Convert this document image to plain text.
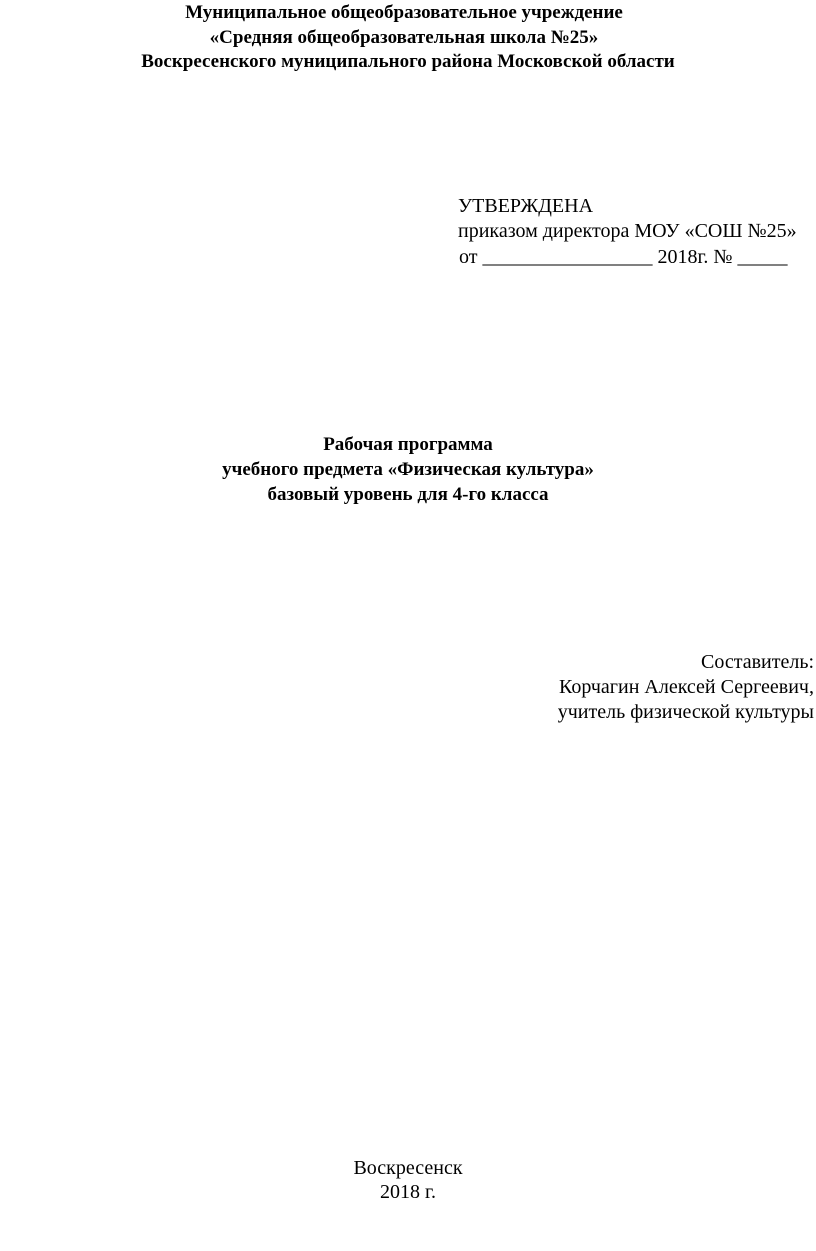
Муниципальное общеобразовательное учреждение
«Средняя общеобразовательная школа №25»
Воскресенского муниципального района Московской области
УТВЕРЖДЕНА
приказом директора МОУ «СОШ №25»
от _________________ 2018г. № _____
Рабочая программа
учебного предмета «Физическая культура»
базовый уровень для 4-го класса
Составитель:
Корчагин Алексей Сергеевич,
учитель физической культуры
Воскресенск
2018 г.
